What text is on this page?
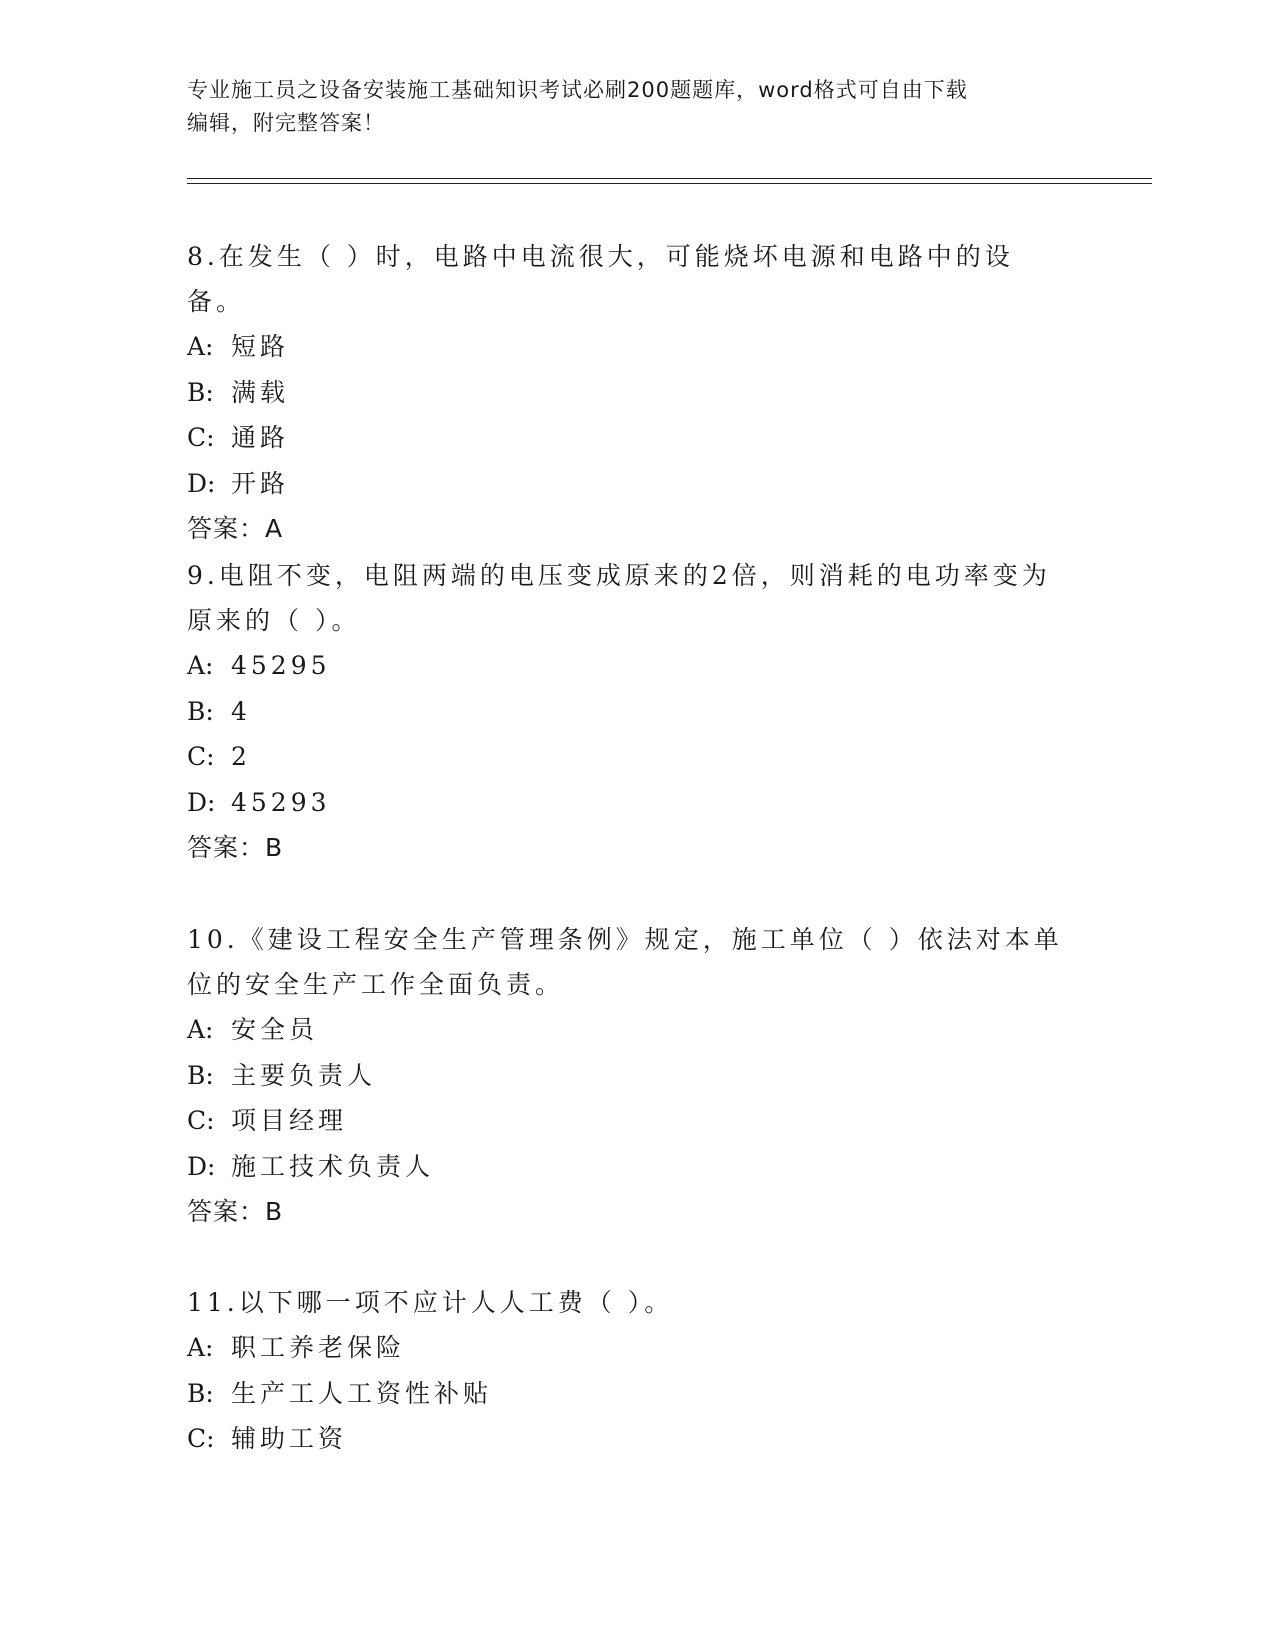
专业施工员之设备安装施工基础知识考试必刷200题题库，word格式可自由下载
编辑，附完整答案！
8.在发生（ ）时，电路中电流很大，可能烧坏电源和电路中的设备。
A: 短路
B: 满载
C: 通路
D: 开路
答案：A
9.电阻不变，电阻两端的电压变成原来的2倍，则消耗的电功率变为
原来的（ ）。
A: 45295
B: 4
C: 2
D: 45293
答案：B
10.《建设工程安全生产管理条例》规定，施工单位（ ）依法对本单
位的安全生产工作全面负责。
A: 安全员
B: 主要负责人
C: 项目经理
D: 施工技术负责人
答案：B
11.以下哪一项不应计人人工费（ ）。
A: 职工养老保险
B: 生产工人工资性补贴
C: 辅助工资
